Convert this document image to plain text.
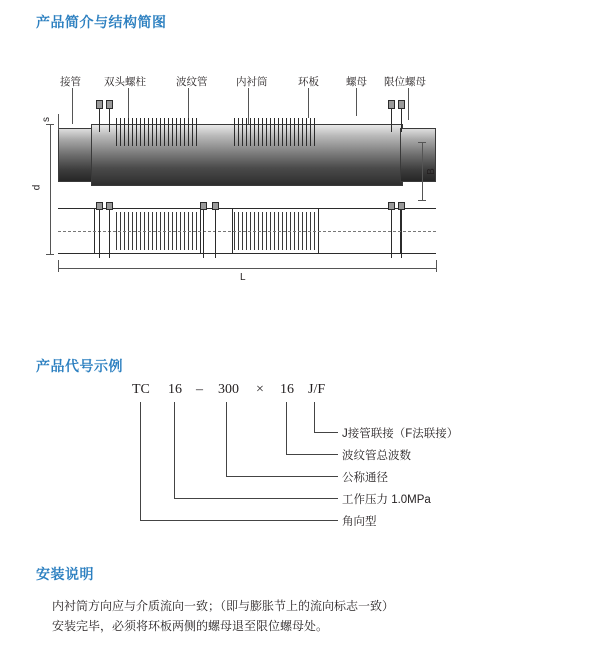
产品简介与结构简图
产品代号示例
安装说明
接管 双头螺柱	波纹管	内衬筒	环板	螺母 限位螺母
s
d
B
L
TC 16 – 300 × 16 J/F
J接管联接（F法联接）
波纹管总波数
公称通径
工作压力 1.0MPa
角向型
内衬筒方向应与介质流向一致；（即与膨胀节上的流向标志一致）
安装完毕，必须将环板两侧的螺母退至限位螺母处。
